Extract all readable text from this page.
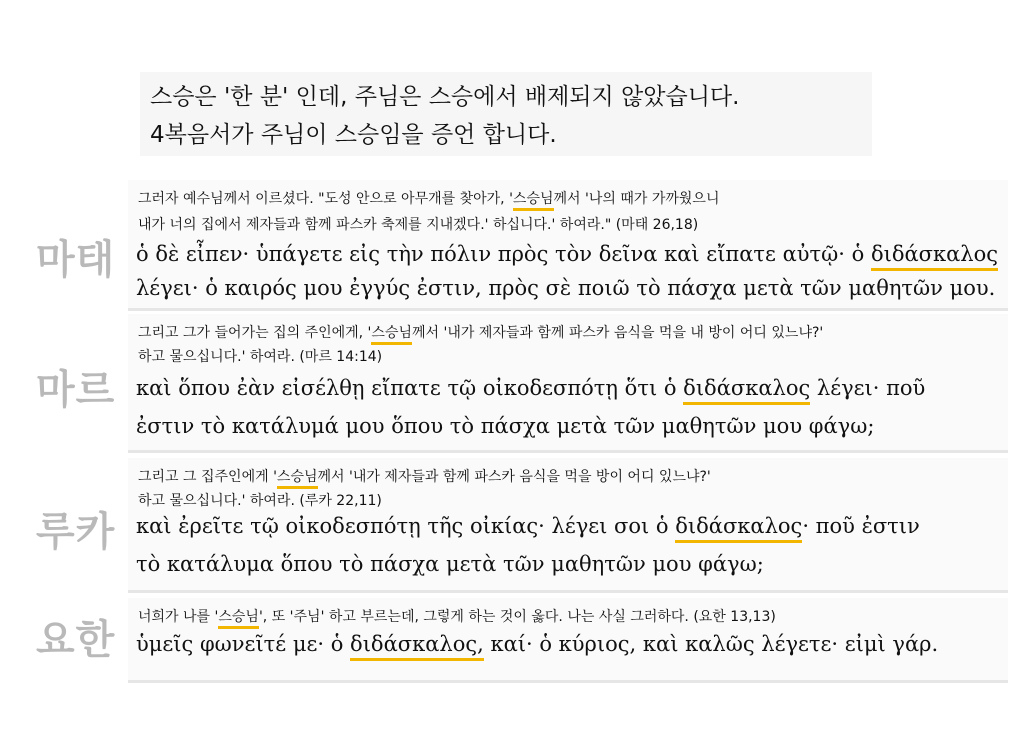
스승은 '한 분' 인데, 주님은 스승에서 배제되지 않았습니다.
4복음서가 주님이 스승임을 증언 합니다.
마태
마르
루카
요한
그러자 예수님께서 이르셨다. "도성 안으로 아무개를 찾아가, '스승님께서 '나의 때가 가까웠으니
내가 너의 집에서 제자들과 함께 파스카 축제를 지내겠다.' 하십니다.' 하여라." (마태 26,18)
ὁ δὲ εἶπεν· ὑπάγετε εἰς τὴν πόλιν πρὸς τὸν δεῖνα καὶ εἴπατε αὐτῷ· ὁ διδάσκαλος
λέγει· ὁ καιρός μου ἐγγύς ἐστιν, πρὸς σὲ ποιῶ τὸ πάσχα μετὰ τῶν μαθητῶν μου.
그리고 그가 들어가는 집의 주인에게, '스승님께서 '내가 제자들과 함께 파스카 음식을 먹을 내 방이 어디 있느냐?'
하고 물으십니다.' 하여라. (마르 14:14)
καὶ ὅπου ἐὰν εἰσέλθῃ εἴπατε τῷ οἰκοδεσπότῃ ὅτι ὁ διδάσκαλος λέγει· ποῦ
ἐστιν τὸ κατάλυμά μου ὅπου τὸ πάσχα μετὰ τῶν μαθητῶν μου φάγω;
그리고 그 집주인에게 '스승님께서 '내가 제자들과 함께 파스카 음식을 먹을 방이 어디 있느냐?'
하고 물으십니다.' 하여라. (루카 22,11)
καὶ ἐρεῖτε τῷ οἰκοδεσπότῃ τῆς οἰκίας· λέγει σοι ὁ διδάσκαλος· ποῦ ἐστιν
τὸ κατάλυμα ὅπου τὸ πάσχα μετὰ τῶν μαθητῶν μου φάγω;
너희가 나를 '스승님', 또 '주님' 하고 부르는데, 그렇게 하는 것이 옳다. 나는 사실 그러하다. (요한 13,13)
ὑμεῖς φωνεῖτέ με· ὁ διδάσκαλος, καί· ὁ κύριος, καὶ καλῶς λέγετε· εἰμὶ γάρ.
